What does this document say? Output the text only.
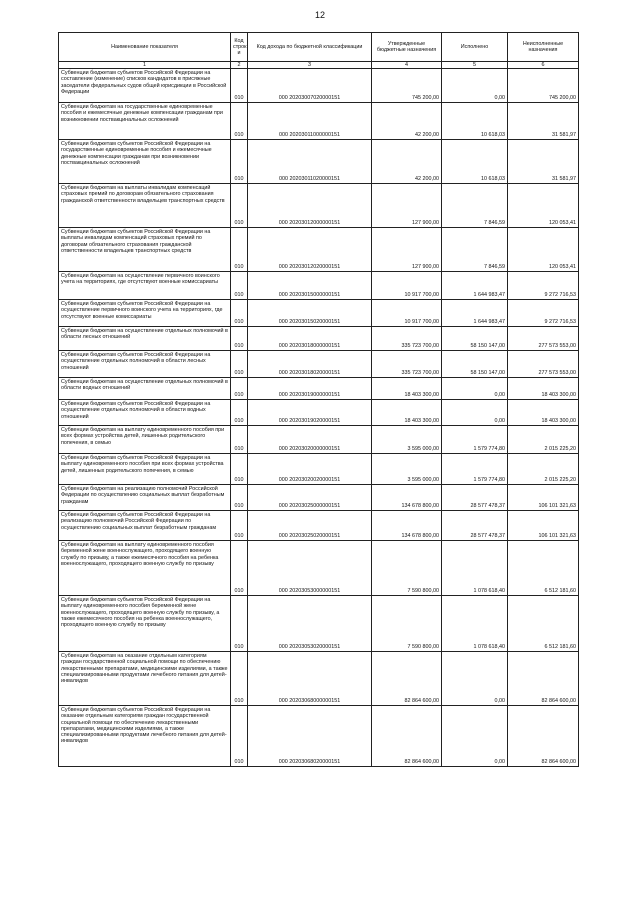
12
Наименование показателя	Код строк и	Код дохода по бюджетной классификации	Утвержденные бюджетные назначения	Исполнено	Неисполненные назначения
1	2	3	4	5	6
Субвенции бюджетам субъектов Российской Федерации на составление (изменение) списков кандидатов в присяжные заседатели федеральных судов общей юрисдикции в Российской Федерации	010	000 20203007020000151	745 200,00	0,00	745 200,00
Субвенции бюджетам на государственные единовременные пособия и ежемесячные денежные компенсации гражданам при возникновении поствакцинальных осложнений	010	000 20203011000000151	42 200,00	10 618,03	31 581,97
Субвенции бюджетам субъектов Российской Федерации на государственные единовременные пособия и ежемесячные денежные компенсации гражданам при возникновении поствакцинальных осложнений	010	000 20203011020000151	42 200,00	10 618,03	31 581,97
Субвенции бюджетам на выплаты инвалидам компенсаций страховых премий по договорам обязательного страхования гражданской ответственности владельцев транспортных средств	010	000 20203012000000151	127 900,00	7 846,59	120 053,41
Субвенции бюджетам субъектов Российской Федерации на выплаты инвалидам компенсаций страховых премий по договорам обязательного страхования гражданской ответственности владельцев транспортных средств	010	000 20203012020000151	127 900,00	7 846,59	120 053,41
Субвенции бюджетам на осуществление первичного воинского учета на территориях, где отсутствуют военные комиссариаты	010	000 20203015000000151	10 917 700,00	1 644 983,47	9 272 716,53
Субвенции бюджетам субъектов Российской Федерации на осуществление первичного воинского учета на территориях, где отсутствуют военные комиссариаты	010	000 20203015020000151	10 917 700,00	1 644 983,47	9 272 716,53
Субвенции бюджетам на осуществление отдельных полномочий в области лесных отношений	010	000 20203018000000151	335 723 700,00	58 150 147,00	277 573 553,00
Субвенции бюджетам субъектов Российской Федерации на осуществление отдельных полномочий в области лесных отношений	010	000 20203018020000151	335 723 700,00	58 150 147,00	277 573 553,00
Субвенции бюджетам на осуществление отдельных полномочий в области водных отношений	010	000 20203019000000151	18 403 300,00	0,00	18 403 300,00
Субвенции бюджетам субъектов Российской Федерации на осуществление отдельных полномочий в области водных отношений	010	000 20203019020000151	18 403 300,00	0,00	18 403 300,00
Субвенции бюджетам на выплату единовременного пособия при всех формах устройства детей, лишенных родительского попечения, в семью	010	000 20203020000000151	3 595 000,00	1 579 774,80	2 015 225,20
Субвенции бюджетам субъектов Российской Федерации на выплату единовременного пособия при всех формах устройства детей, лишенных родительского попечения, в семью	010	000 20203020020000151	3 595 000,00	1 579 774,80	2 015 225,20
Субвенции бюджетам на реализацию полномочий Российской Федерации по осуществлению социальных выплат безработным гражданам	010	000 20203025000000151	134 678 800,00	28 577 478,37	106 101 321,63
Субвенции бюджетам субъектов Российской Федерации на реализацию полномочий Российской Федерации по осуществлению социальных выплат безработным гражданам	010	000 20203025020000151	134 678 800,00	28 577 478,37	106 101 321,63
Субвенции бюджетам на выплату единовременного пособия беременной жене военнослужащего, проходящего военную службу по призыву, а также ежемесячного пособия на ребенка военнослужащего, проходящего военную службу по призыву	010	000 20203053000000151	7 590 800,00	1 078 618,40	6 512 181,60
Субвенции бюджетам субъектов Российской Федерации на выплату единовременного пособия беременной жене военнослужащего, проходящего военную службу по призыву, а также ежемесячного пособия на ребенка военнослужащего, проходящего военную службу по призыву	010	000 20203053020000151	7 590 800,00	1 078 618,40	6 512 181,60
Субвенции бюджетам на оказание отдельным категориям граждан государственной социальной помощи по обеспечению лекарственными препаратами, медицинскими изделиями, а также специализированными продуктами лечебного питания для детей-инвалидов	010	000 20203068000000151	82 864 600,00	0,00	82 864 600,00
Субвенции бюджетам субъектов Российской Федерации на оказание отдельным категориям граждан государственной социальной помощи по обеспечению лекарственными препаратами, медицинскими изделиями, а также специализированными продуктами лечебного питания для детей-инвалидов	010	000 20203068020000151	82 864 600,00	0,00	82 864 600,00
